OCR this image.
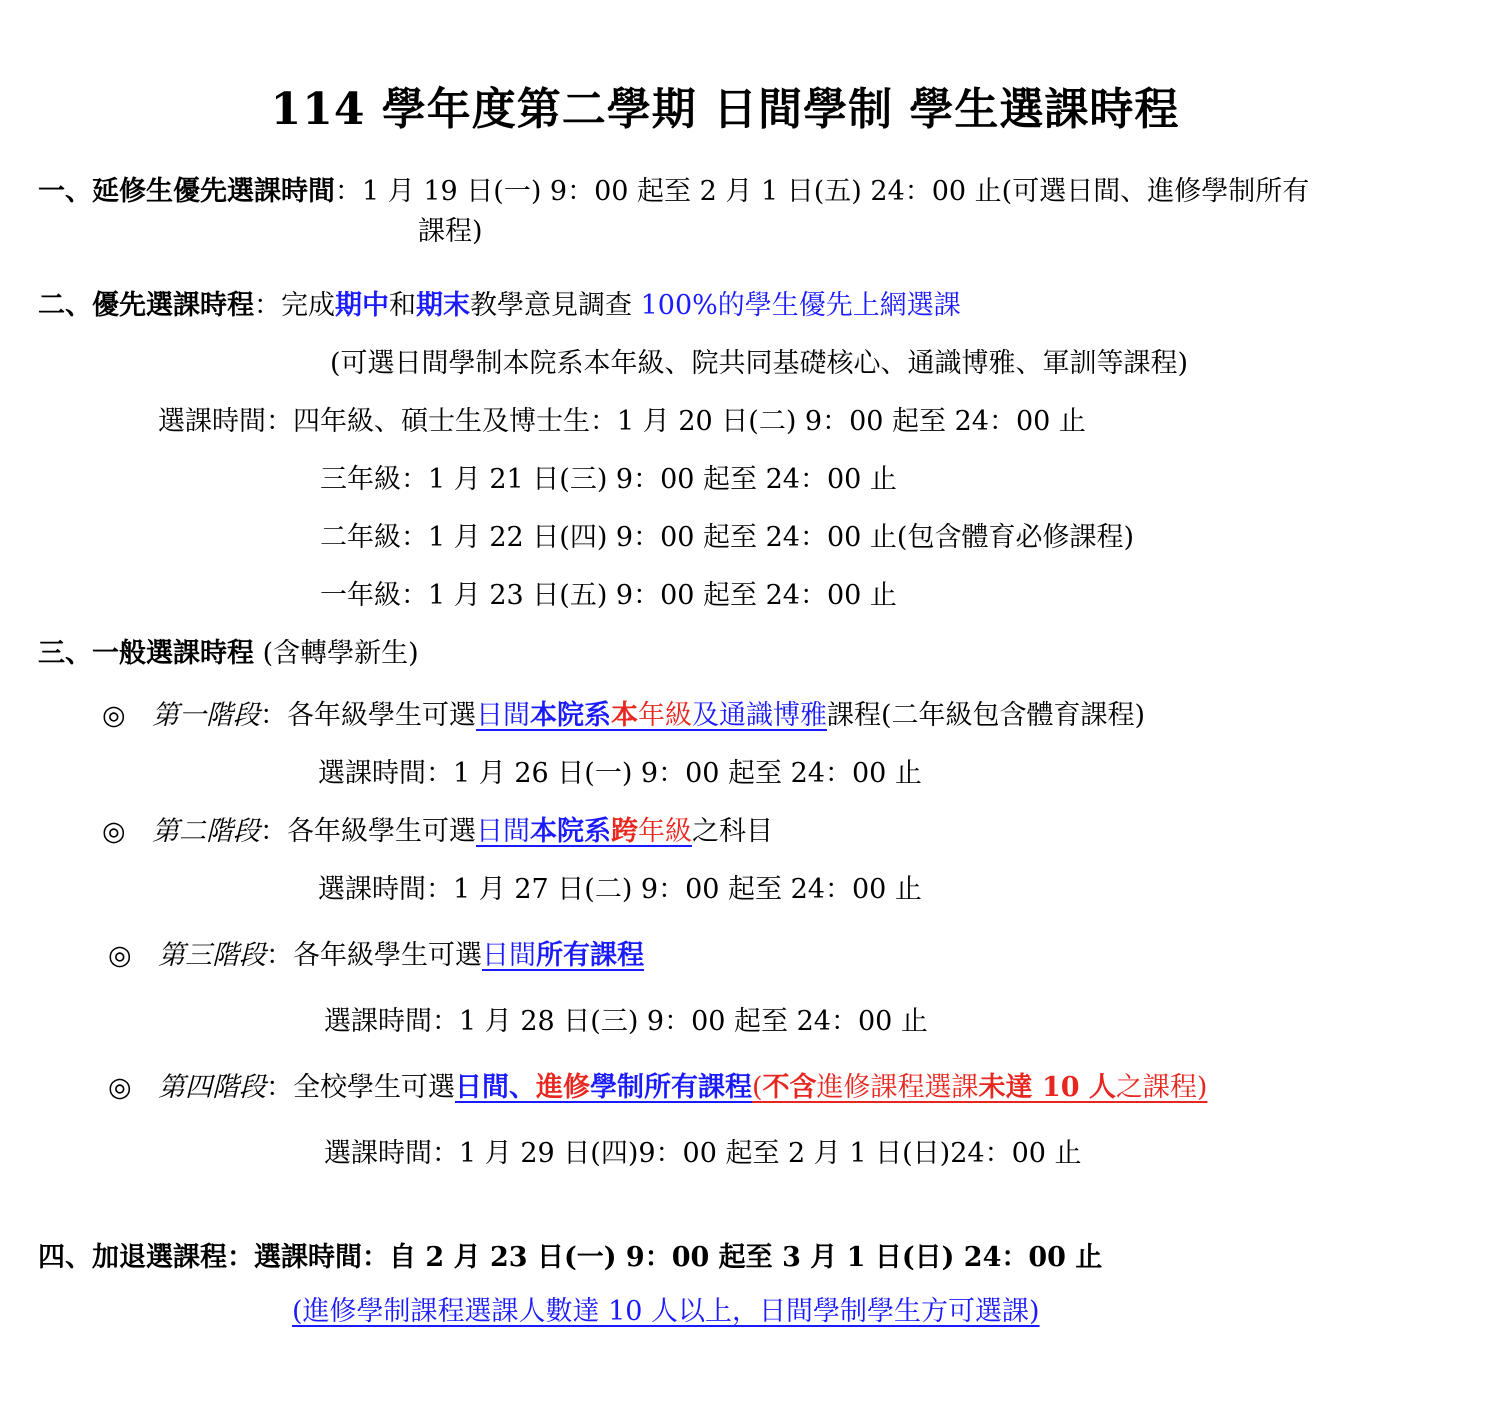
114 學年度第二學期 日間學制 學生選課時程
一、延修生優先選課時間：1 月 19 日(一) 9：00 起至 2 月 1 日(五) 24：00 止(可選日間、進修學制所有
課程)
二、優先選課時程：完成期中和期末教學意見調查 100%的學生優先上網選課
(可選日間學制本院系本年級、院共同基礎核心、通識博雅、軍訓等課程)
選課時間：四年級、碩士生及博士生：1 月 20 日(二) 9：00 起至 24：00 止
三年級：1 月 21 日(三) 9：00 起至 24：00 止
二年級：1 月 22 日(四) 9：00 起至 24：00 止(包含體育必修課程)
一年級：1 月 23 日(五) 9：00 起至 24：00 止
三、一般選課時程 (含轉學新生)
◎ 第一階段：各年級學生可選日間本院系本年級及通識博雅課程(二年級包含體育課程)
選課時間：1 月 26 日(一) 9：00 起至 24：00 止
◎ 第二階段：各年級學生可選日間本院系跨年級之科目
選課時間：1 月 27 日(二) 9：00 起至 24：00 止
◎ 第三階段：各年級學生可選日間所有課程
選課時間：1 月 28 日(三) 9：00 起至 24：00 止
◎ 第四階段：全校學生可選日間、進修學制所有課程(不含進修課程選課未達 10 人之課程)
選課時間：1 月 29 日(四)9：00 起至 2 月 1 日(日)24：00 止
四、加退選課程：選課時間：自 2 月 23 日(一) 9：00 起至 3 月 1 日(日) 24：00 止
(進修學制課程選課人數達 10 人以上，日間學制學生方可選課)
